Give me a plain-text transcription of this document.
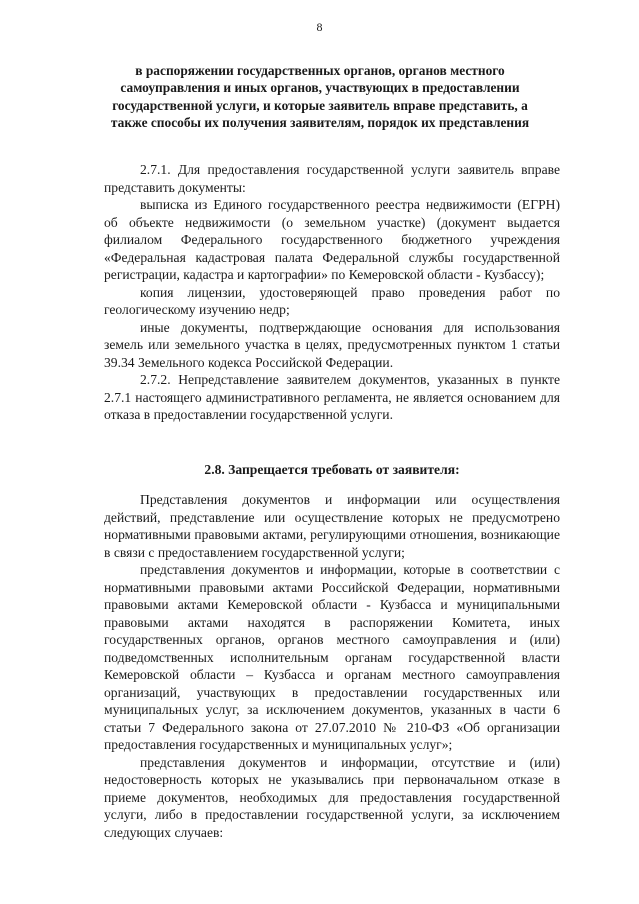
8
в распоряжении государственных органов, органов местного
самоуправления и иных органов, участвующих в предоставлении
государственной услуги, и которые заявитель вправе представить, а
также способы их получения заявителям, порядок их представления

2.7.1. Для предоставления государственной услуги заявитель вправе представить документы:

выписка из Единого государственного реестра недвижимости (ЕГРН) об объекте недвижимости (о земельном участке) (документ выдается филиалом Федерального государственного бюджетного учреждения «Федеральная кадастровая палата Федеральной службы государственной регистрации, кадастра и картографии» по Кемеровской области - Кузбассу);

копия лицензии, удостоверяющей право проведения работ по геологическому изучению недр;

иные документы, подтверждающие основания для использования земель или земельного участка в целях, предусмотренных пунктом 1 статьи 39.34 Земельного кодекса Российской Федерации.

2.7.2. Непредставление заявителем документов, указанных в пункте 2.7.1 настоящего административного регламента, не является основанием для отказа в предоставлении государственной услуги.

2.8. Запрещается требовать от заявителя:

Представления документов и информации или осуществления действий, представление или осуществление которых не предусмотрено нормативными правовыми актами, регулирующими отношения, возникающие в связи с предоставлением государственной услуги;

представления документов и информации, которые в соответствии с нормативными правовыми актами Российской Федерации, нормативными правовыми актами Кемеровской области - Кузбасса и муниципальными правовыми актами находятся в распоряжении Комитета, иных государственных органов, органов местного самоуправления и (или) подведомственных исполнительным органам государственной власти Кемеровской области – Кузбасса и органам местного самоуправления организаций, участвующих в предоставлении государственных или муниципальных услуг, за исключением документов, указанных в части 6 статьи 7 Федерального закона от 27.07.2010 № 210-ФЗ «Об организации предоставления государственных и муниципальных услуг»;

представления документов и информации, отсутствие и (или) недостоверность которых не указывались при первоначальном отказе в приеме документов, необходимых для предоставления государственной услуги, либо в предоставлении государственной услуги, за исключением следующих случаев:
